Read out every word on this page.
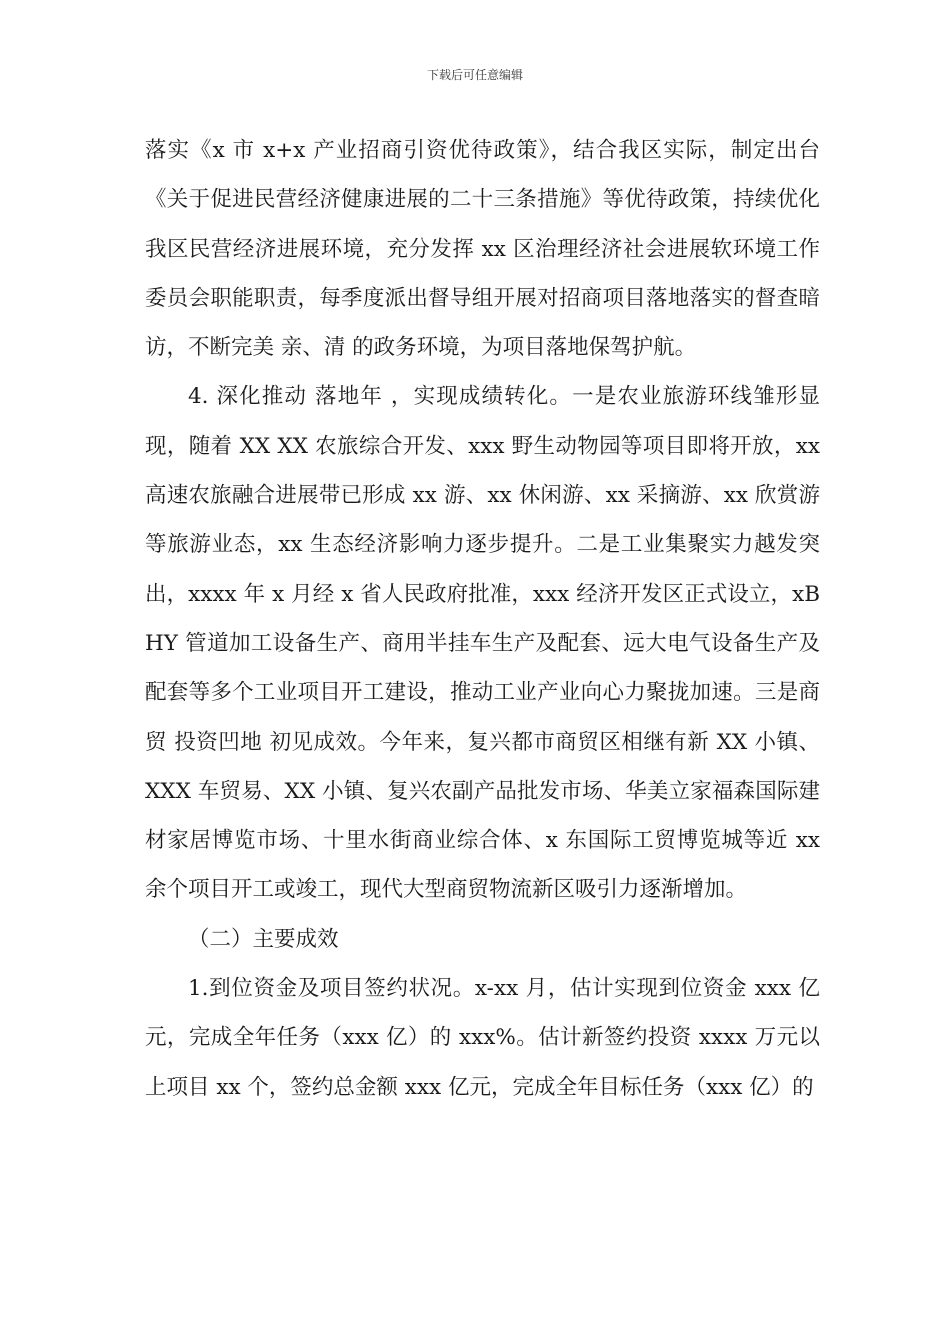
下载后可任意编辑

落实《x 市 x+x 产业招商引资优待政策》，结合我区实际，制定出台《关于促进民营经济健康进展的二十三条措施》等优待政策，持续优化我区民营经济进展环境，充分发挥 xx 区治理经济社会进展软环境工作委员会职能职责，每季度派出督导组开展对招商项目落地落实的督查暗访，不断完美 亲、清 的政务环境，为项目落地保驾护航。

4. 深化推动 落地年 ，实现成绩转化。一是农业旅游环线雏形显现，随着 XX XX 农旅综合开发、xxx 野生动物园等项目即将开放，xx 高速农旅融合进展带已形成 xx 游、xx 休闲游、xx 采摘游、xx 欣赏游等旅游业态，xx 生态经济影响力逐步提升。二是工业集聚实力越发突出，xxxx 年 x 月经 x 省人民政府批准，xxx 经济开发区正式设立，xBHY 管道加工设备生产、商用半挂车生产及配套、远大电气设备生产及配套等多个工业项目开工建设，推动工业产业向心力聚拢加速。三是商贸 投资凹地 初见成效。今年来，复兴都市商贸区相继有新 XX 小镇、XXX 车贸易、XX 小镇、复兴农副产品批发市场、华美立家福森国际建材家居博览市场、十里水街商业综合体、x 东国际工贸博览城等近 xx 余个项目开工或竣工，现代大型商贸物流新区吸引力逐渐增加。

（二）主要成效

1.到位资金及项目签约状况。x-xx 月，估计实现到位资金 xxx 亿元，完成全年任务（xxx 亿）的 xxx%。估计新签约投资 xxxx 万元以上项目 xx 个，签约总金额 xxx 亿元，完成全年目标任务（xxx 亿）的
